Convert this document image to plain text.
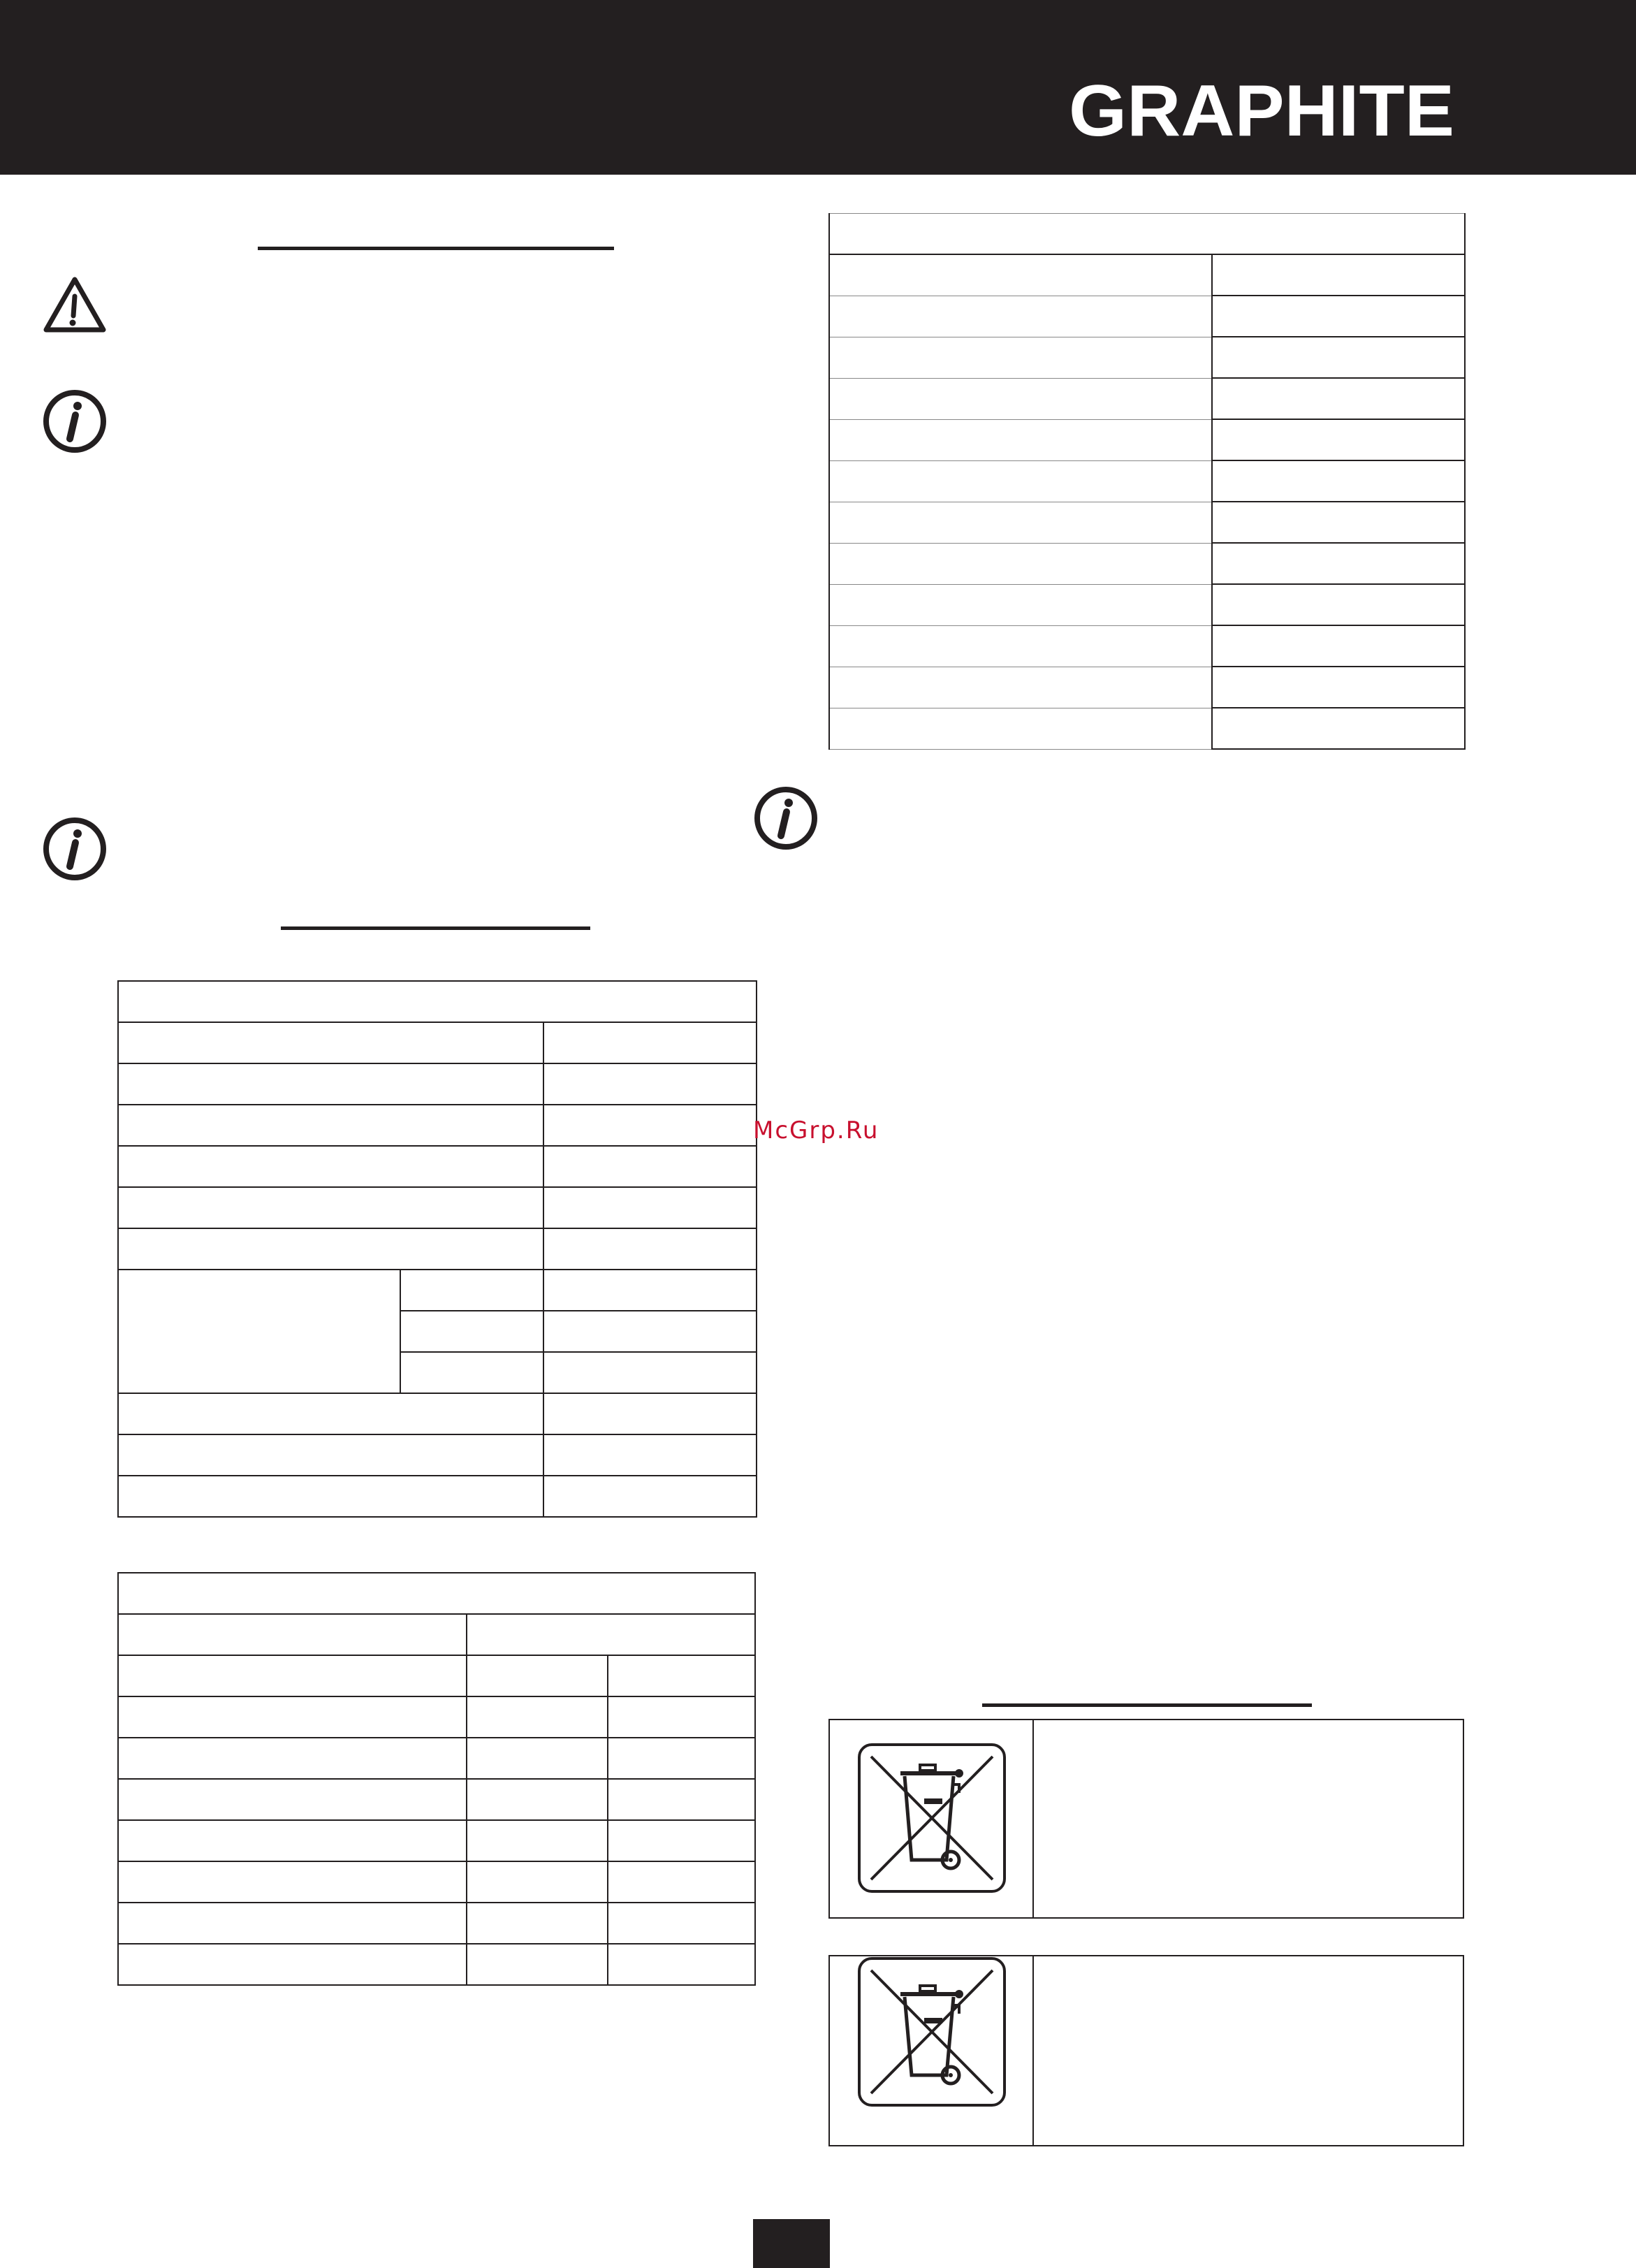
GRAPHITE

McGrp.Ru
